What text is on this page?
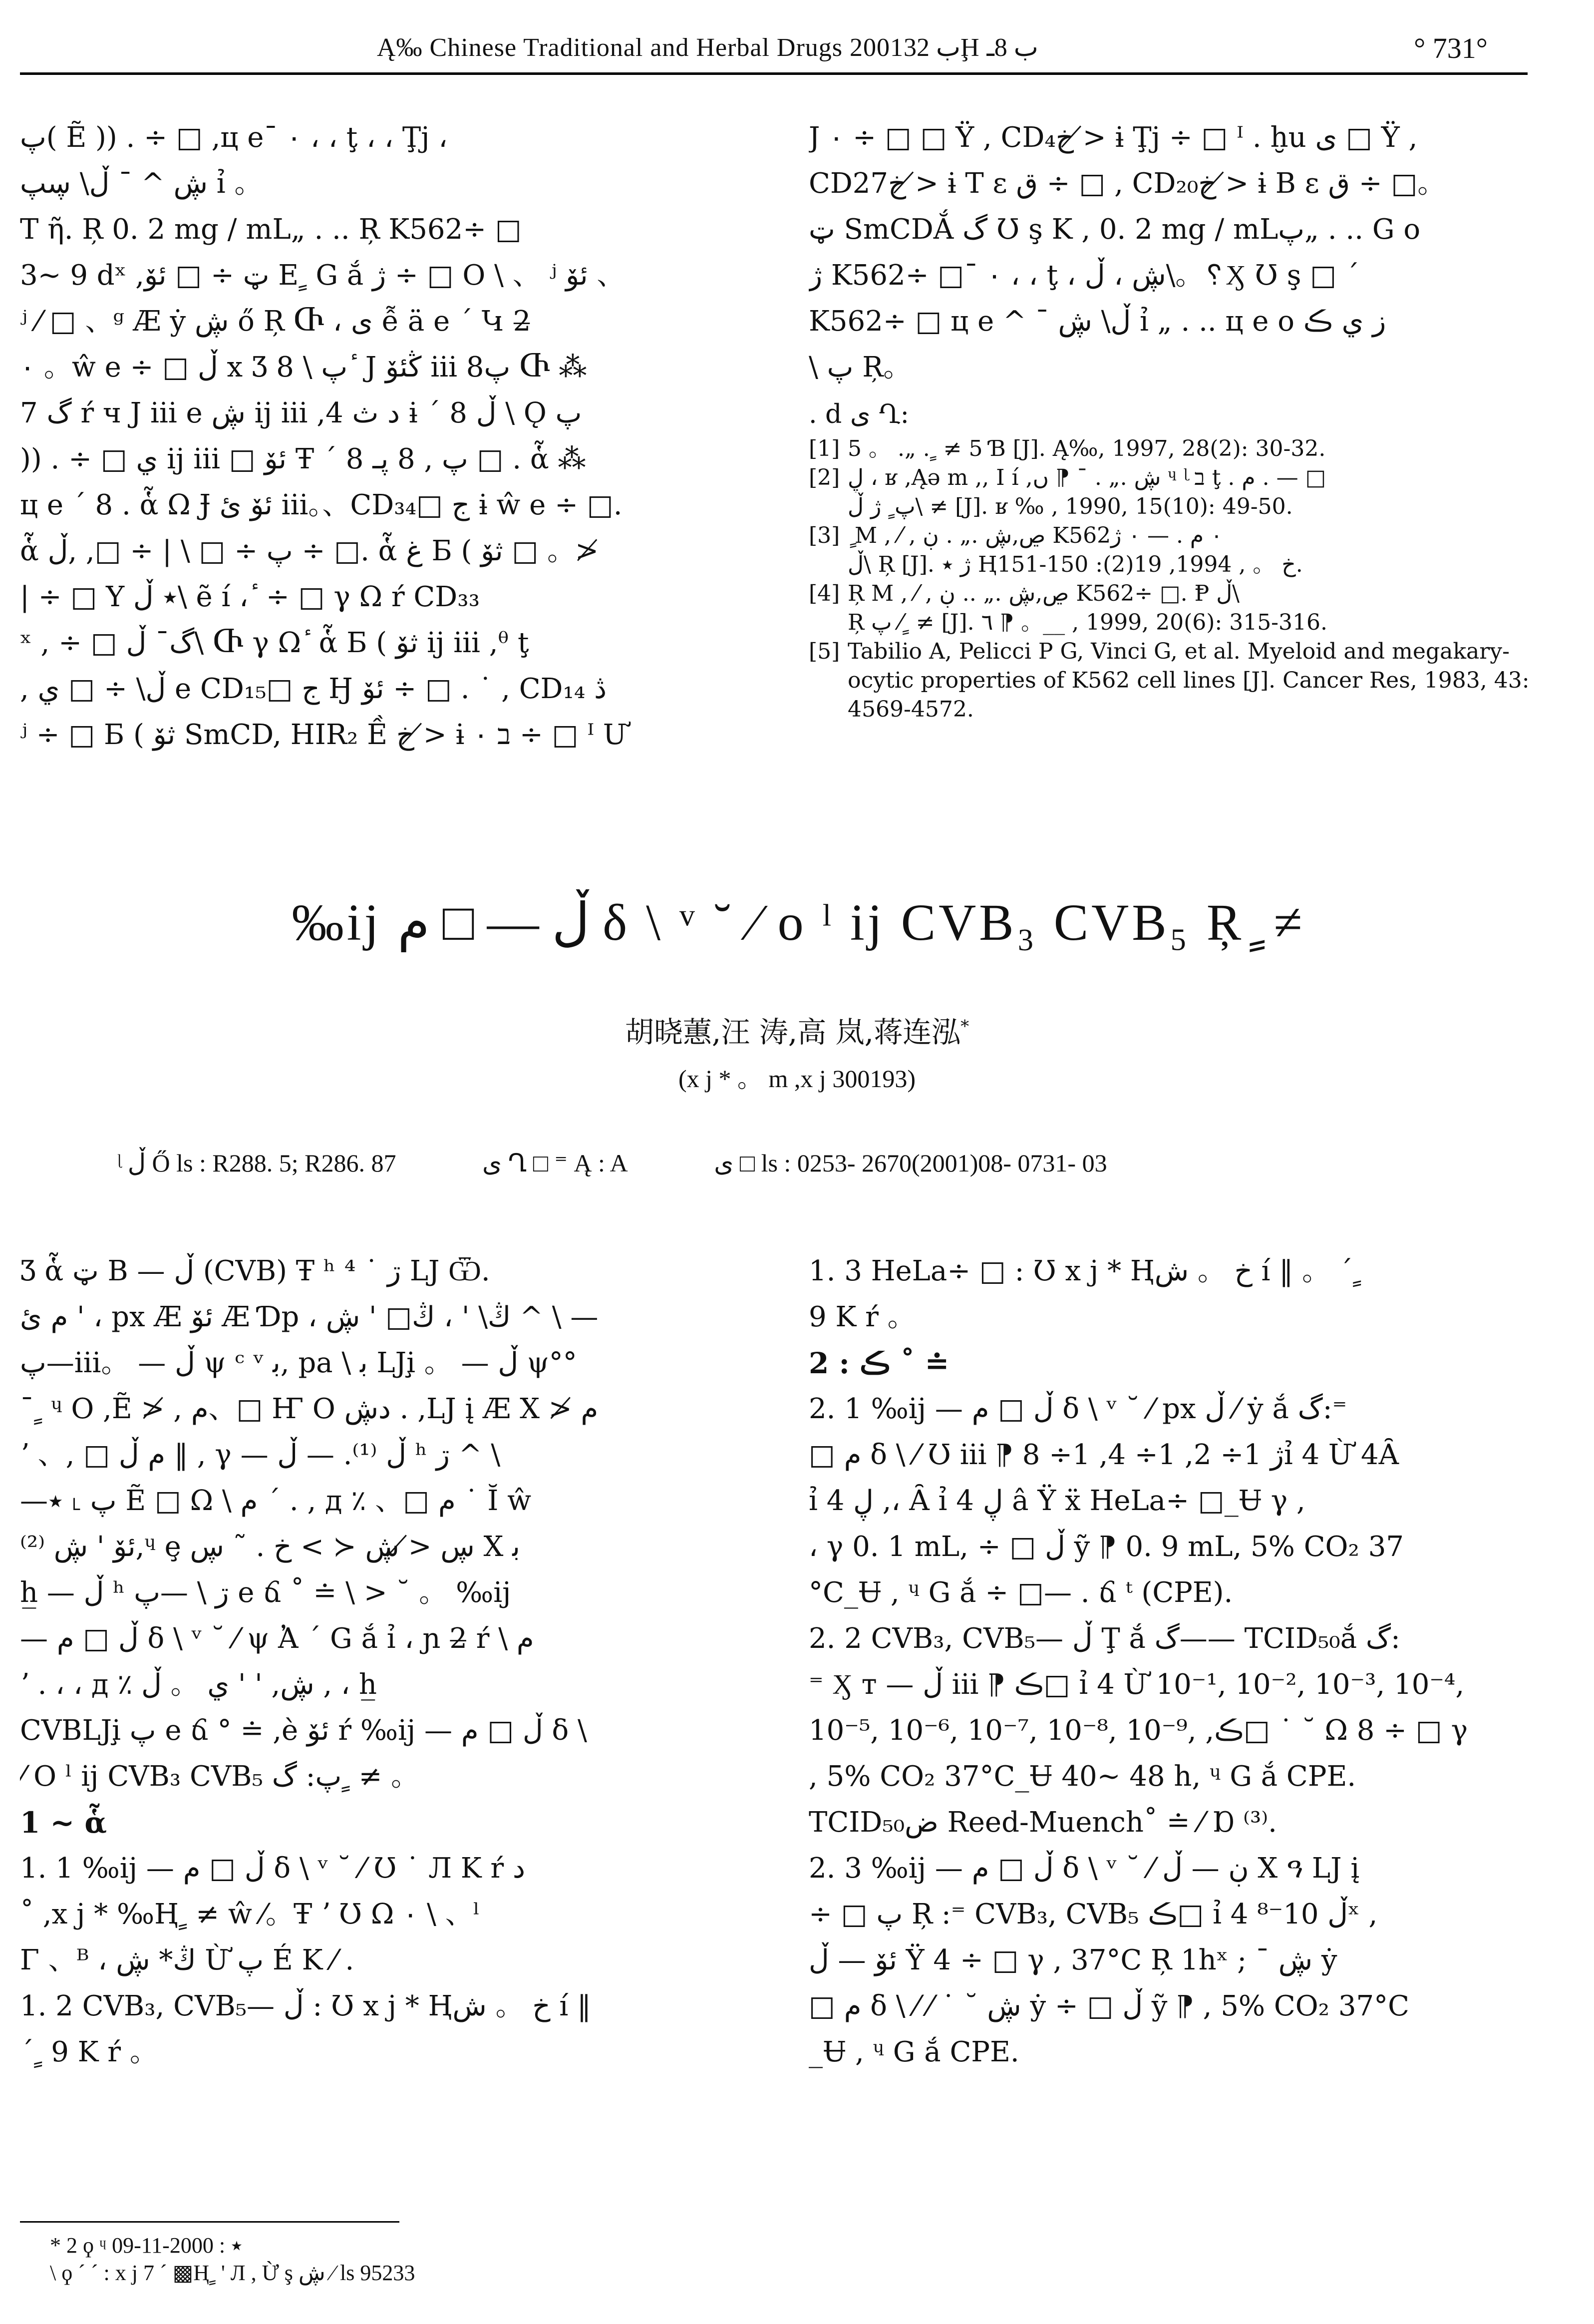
Ą‰ Chinese Traditional and Herbal Drugs 2001ب 32Ḩ ب 8ـ	° 731°
پ( Ẽ )) . ÷ □ ,ц е¯ ٠ ، ، ţ ، ، Ţj ،
ڜ ^ ¯ ڵ\ ڛپ ỉ 。
T ῆ. Ŗ 0. 2 mg / mL„ . .. Ŗ K562÷ □
3~ 9 dˣ ,ټ ÷ □ ئۆ E ٍ G ắ ژ ÷ □ O \ 、 ʲ ئۆ 、
ʲ ⁄ □ 、ᵍ Æ ẏ ڜ ő Ŗ Ⴇ ، ى ễ ä e ´ Կ 2̶
٠ 。ŵ е ÷ □ ڵ x Ʒ 8 \ پ ٔ J ڭئۆ iii 8پ Ⴇ ⁂
گ 7 ŕ ч J iii е ڜ ij iii ,4 د ث ɨ ´ 8 ڵ \ Ǫ پ
)) . ÷ □ ي ij iii □ ئۆ Ŧ ´ 8 پ , 8 پـ □ . ἇ ⁂
ц е ´ 8 . ἇ Ω Ɉ ئۆ ئ iii。、CD₃₄□ ج ɨ ŵ е ÷ □.
ἇ پ ÷ □ \ | ÷ □, ,ڵ ÷ □. ἇ غ Б ( ثۆ □ 。≯
| ÷ □ Y ٭ ڵ\ ẽ í ، ٔ ÷ □ γ Ω ŕ CD₃₃
ˣ , ÷ □ گ¯ ڵ\ Ⴇ γ Ω ٔ ἇ Б ( ثۆ ij iii ,ᶿ ţ
, ڵ\ ÷ □ ي е CD₁₅□ ج Ӈ ئۆ ÷ □ . ˙ , CD₁₄ ڎ
ʲ ÷ □ Б ( ثۆ SmCD, HIR₂ Ề خ ≯ ɨ ב ٠ ÷ □ ᴵ Ư
J ٠ ÷ □ □ Ÿ , CD₄خ ≯ ɨ Ţj ÷ □ ᴵ . ḫu ى □ Ÿ ,
CD27خ ≯ ɨ T ε ق ÷ □ , CD₂₀خ ≯ ɨ B ε ق ÷ □。
ټ SmCDẮ گ Ʊ ş K , 0. 2 mg / mLپ„ . .. G ο
ژ K562÷ □¯ ٠ ، ، ţ ، ڜ ، ڵ\。␦Ӽ Ʊ ş □ ´
K562÷ □ ц е ^ ¯ ڵ\ ڜ ỉ „ . .. ц е ο ز ي ڪ
\ پ Ŗ。
. d ى Ղ:
[1] 5 。 .„ . ٍ ≠ 5 Ɓ [J]. Ą‰, 1997, 28(2): 30-32.
[2] ڸ ، ʁ ,Ąǝ m ,, I í ,ڜ .„ . ¯ ⁋ ں ᶣ ᶩ ב ţ . م . — □
پ ٍ ژ ڵ\ ≠ [J]. ʁ ‰ , 1990, 15(10): 49-50.
[3] ٍ M , ⁄ , ڝ,ڜ .„ . ڹ K562٠ م . — ٠ ژ
ڵ\ Ŗ [J]. ژ ٭ Ⱨخ 。 , 1994, 19(2): 150-151.
[4] Ŗ M , ⁄ , ڝ,ڜ .„ .. ڹ K562÷ □. Ᵽ ڵ\
Ŗ پ ⁄ ٍ ≠ [J]. ٦ ⁋ 。__ , 1999, 20(6): 315-316.
[5] Tabilio A, Pelicci P G, Vinci G, et al. Myeloid and megakary-
ocytic properties of K562 cell lines [J]. Cancer Res, 1983, 43:
4569-4572.
‰ij ڵ — □ م δ \ ᵛ ˘ ⁄ ο ˡ ij CVB₃ CVB₅ Ŗ ٍ ≠
胡晓蕙,汪 涛,高 岚,蒋连泓*
(x j * 。 m ,x j 300193)
ᶩ ڵ Ő ls : R288. 5; R286. 87	ى Ղ □ ⁼ Ą : A	ى □ ls : 0253- 2670(2001)08- 0731- 03
Ʒ ἇ ټ B — ڵ (CVB) Ŧ ʰ ڗ ˙ ⁴ LJ Ѿ.
م ئ ' ، px Æ ئۆ Æ Ɗp ، ڭ\ ' ، ڭ□ ' ڜ ^ \ —
پ—iii。 — ڵ ψ ᶜ ᵛ ﺑ, pa \ ﺑ LJi̧ 。 — ڵ ψ°°
¯ ٍ ᶣ O ,Ẽ ≯ , م、□ Ҥ O دڜ . ,LJ į Æ X ≯ م
ʼ 、, □ م ڵ ‖ , γ — ڵ ⁽¹⁾. — ڵ ʰ ڗ ^ \
—پ ˪ ٭ Ẽ □ Ω \ م ´ . , д ٪ 、□ م ˙ Ῐ ŵ
ئۆ ' ڜ ⁽²⁾,ᶣ е̧ ڛ ≯ ڜ ≺ > خ . ˜ ڛ X ﺑ
h̲ — ڵ ʰ ڗ \ —پ е ճ ˚ ≐ \ > ˘ 。 ‰ij
— ڵ □ م δ \ ᵛ ˘ ⁄ ψ Ἀ ´ G ắ ỉ ، ɲ 2̶ ŕ \ م
ʼ . ، ، д ٪ ڜ, ' ' ي 。 ڵ , ، h̲
CVBLJi̧ پ е ճ ° ≐ ,ѐ ئۆ ŕ ‰ij — ڵ □ م δ \
⁄ O ˡ ij CVB₃ CVB₅ پ: گ ٍ ≠ 。
1 ~ ἇ
1. 1 ‰ij — ڵ □ م δ \ ᵛ ˘ ⁄ Ʊ ˙ Л K ŕ ﺩ
˚ ,x j * ‰Ⱨ ٍ ≠ ŵ ⁄。Ŧ ʼ Ʊ Ω ٠ \ 、ˡ
Γ 、ᴮ ، ڭ* ڜ Ừ پ É K ⁄ .
1. 2 CVB₃, CVB₅— ڵ : Ʊ x j * Ⱨخ 。 ش í ‖
´ ٍ 9 K ŕ 。
1. 3 HeLa÷ □ : Ʊ x j * Ⱨخ 。 ش í ‖ 。 ´ ٍ
9 K ŕ 。
2 : ڪ ˚ ≐
2. 1 ‰ij — ڵ □ م δ \ ᵛ ˘ ⁄ px ڵ ⁄ ẏ ắ گ:⁼
□ م δ \ ⁄ Ʊ iii ⁋ ژ 1÷ 2, 1÷ 4, 1÷ 8ỉ 4 Ừ 4Ȃ
ỉ 4 ڸ ,، Ȃ ỉ 4 ڸ â Ÿ ẍ HeLa÷ □_Ʉ γ ,
، γ 0. 1 mL, ÷ □ ڵ ỹ ⁋ 0. 9 mL, 5% CO₂ 37
°C_Ʉ , ᶣ G ắ ÷ □— . ճ ᵗ (CPE).
2. 2 CVB₃, CVB₅— ڵ Ţ ắ گ—— TCID₅₀ắ گ:
⁼ Ӽ т — ڵ iii ⁋ ڪ□ ỉ 4 Ừ 10⁻¹, 10⁻², 10⁻³, 10⁻⁴,
10⁻⁵, 10⁻⁶, 10⁻⁷, 10⁻⁸, 10⁻⁹, ,ڪ□ ˙ ˘ Ω 8 ÷ □ γ
, 5% CO₂ 37°C_Ʉ 40~ 48 h, ᶣ G ắ CPE.
TCID₅₀ض Reed-Muench˚ ≐ ⁄ Ɒ ⁽³⁾.
2. 3 ‰ij — ڵ □ م δ \ ᵛ ˘ ⁄ ڹ — ڵ X ዓ LJ į
÷ □ پ Ŗ :⁼ CVB₃, CVB₅ ڪ□ ỉ 4 ڵ 10⁻⁸ˣ ,
ئۆ — ڵ Ÿ 4 ÷ □ γ , 37°C Ŗ 1hˣ ; ¯ ڜ ẏ
□ م δ \ ⁄ ⁄ ˙ ˘ ڜ ẏ ÷ □ ڵ ỹ ⁋ , 5% CO₂ 37°C
_Ʉ , ᶣ G ắ CPE.
* 2 ϙ ᶣ ٭ : 2000-11-09
\ ϙ ´ ˊ : x j 7 ´ ▩Ⱨ ٍ ' Л , Ừ ş ڜ ⁄ ls 95233
